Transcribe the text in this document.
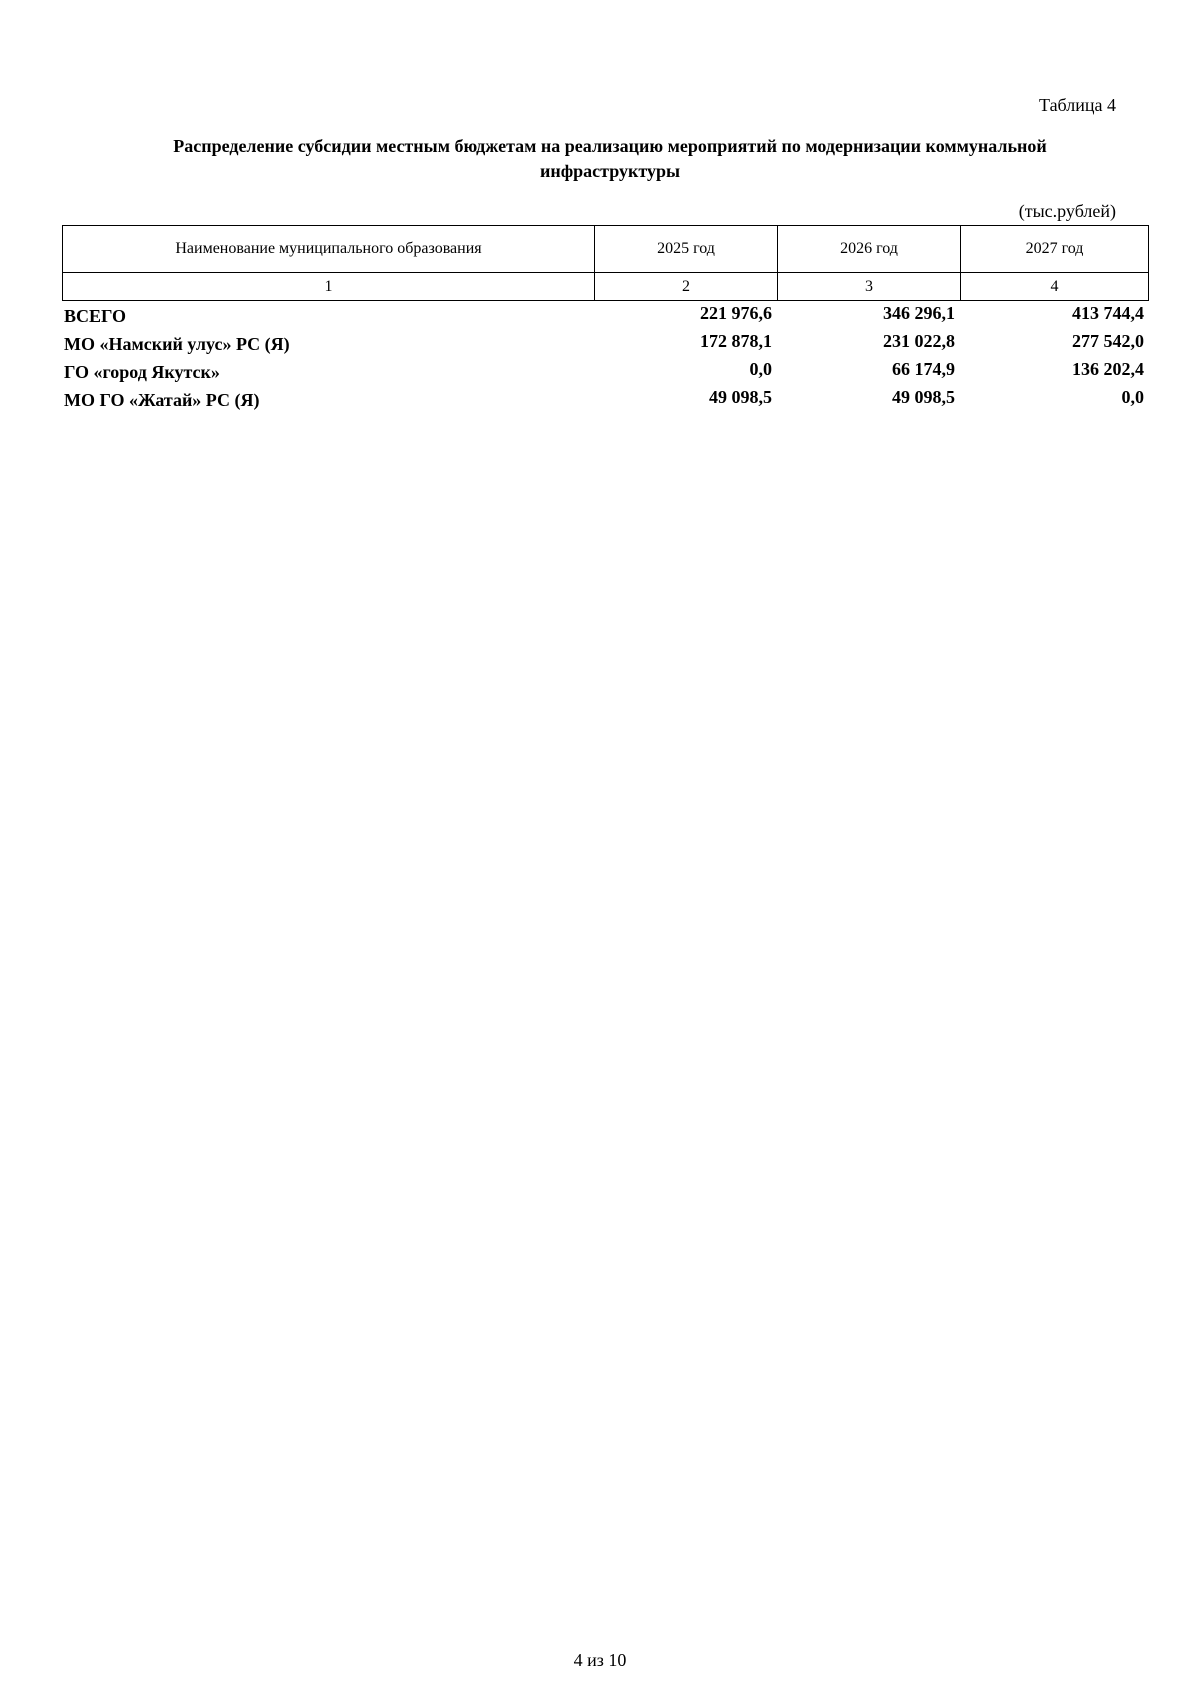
Таблица 4
Распределение субсидии местным бюджетам на реализацию мероприятий по модернизации коммунальной
инфраструктуры
(тыс.рублей)
Наименование муниципального образования	2025 год	2026 год	2027 год
1	2	3	4
ВСЕГО	221 976,6	346 296,1	413 744,4
МО «Намский улус» РС (Я)	172 878,1	231 022,8	277 542,0
ГО «город Якутск»	0,0	66 174,9	136 202,4
МО ГО «Жатай» РС (Я)	49 098,5	49 098,5	0,0
4 из 10
